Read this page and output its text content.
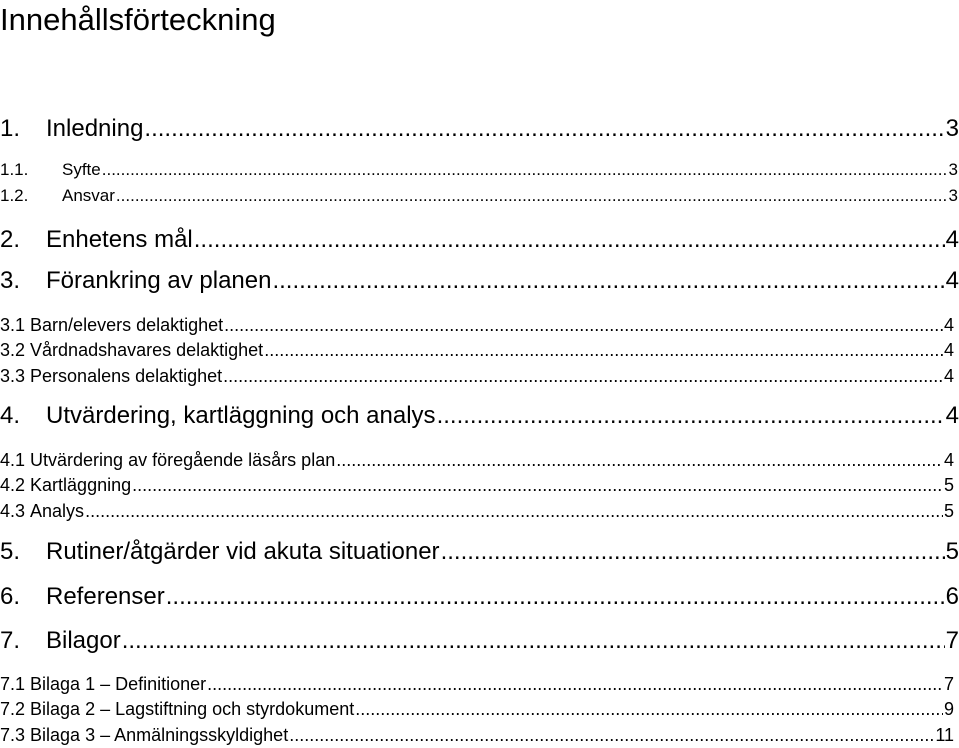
Innehållsförteckning
1.	Inledning .....	3
1.1.	Syfte .....	3
1.2.	Ansvar .....	3
2.	Enhetens mål .....	4
3.	Förankring av planen .....	4
3.1 Barn/elevers delaktighet .....	4
3.2 Vårdnadshavares delaktighet .....	4
3.3 Personalens delaktighet .....	4
4.	Utvärdering, kartläggning och analys .....	4
4.1 Utvärdering av föregående läsårs plan .....	4
4.2 Kartläggning .....	5
4.3 Analys .....	5
5.	Rutiner/åtgärder vid akuta situationer .....	5
6.	Referenser .....	6
7.	Bilagor .....	7
7.1 Bilaga 1 – Definitioner .....	7
7.2 Bilaga 2 – Lagstiftning och styrdokument .....	9
7.3 Bilaga 3 – Anmälningsskyldighet .....	11
